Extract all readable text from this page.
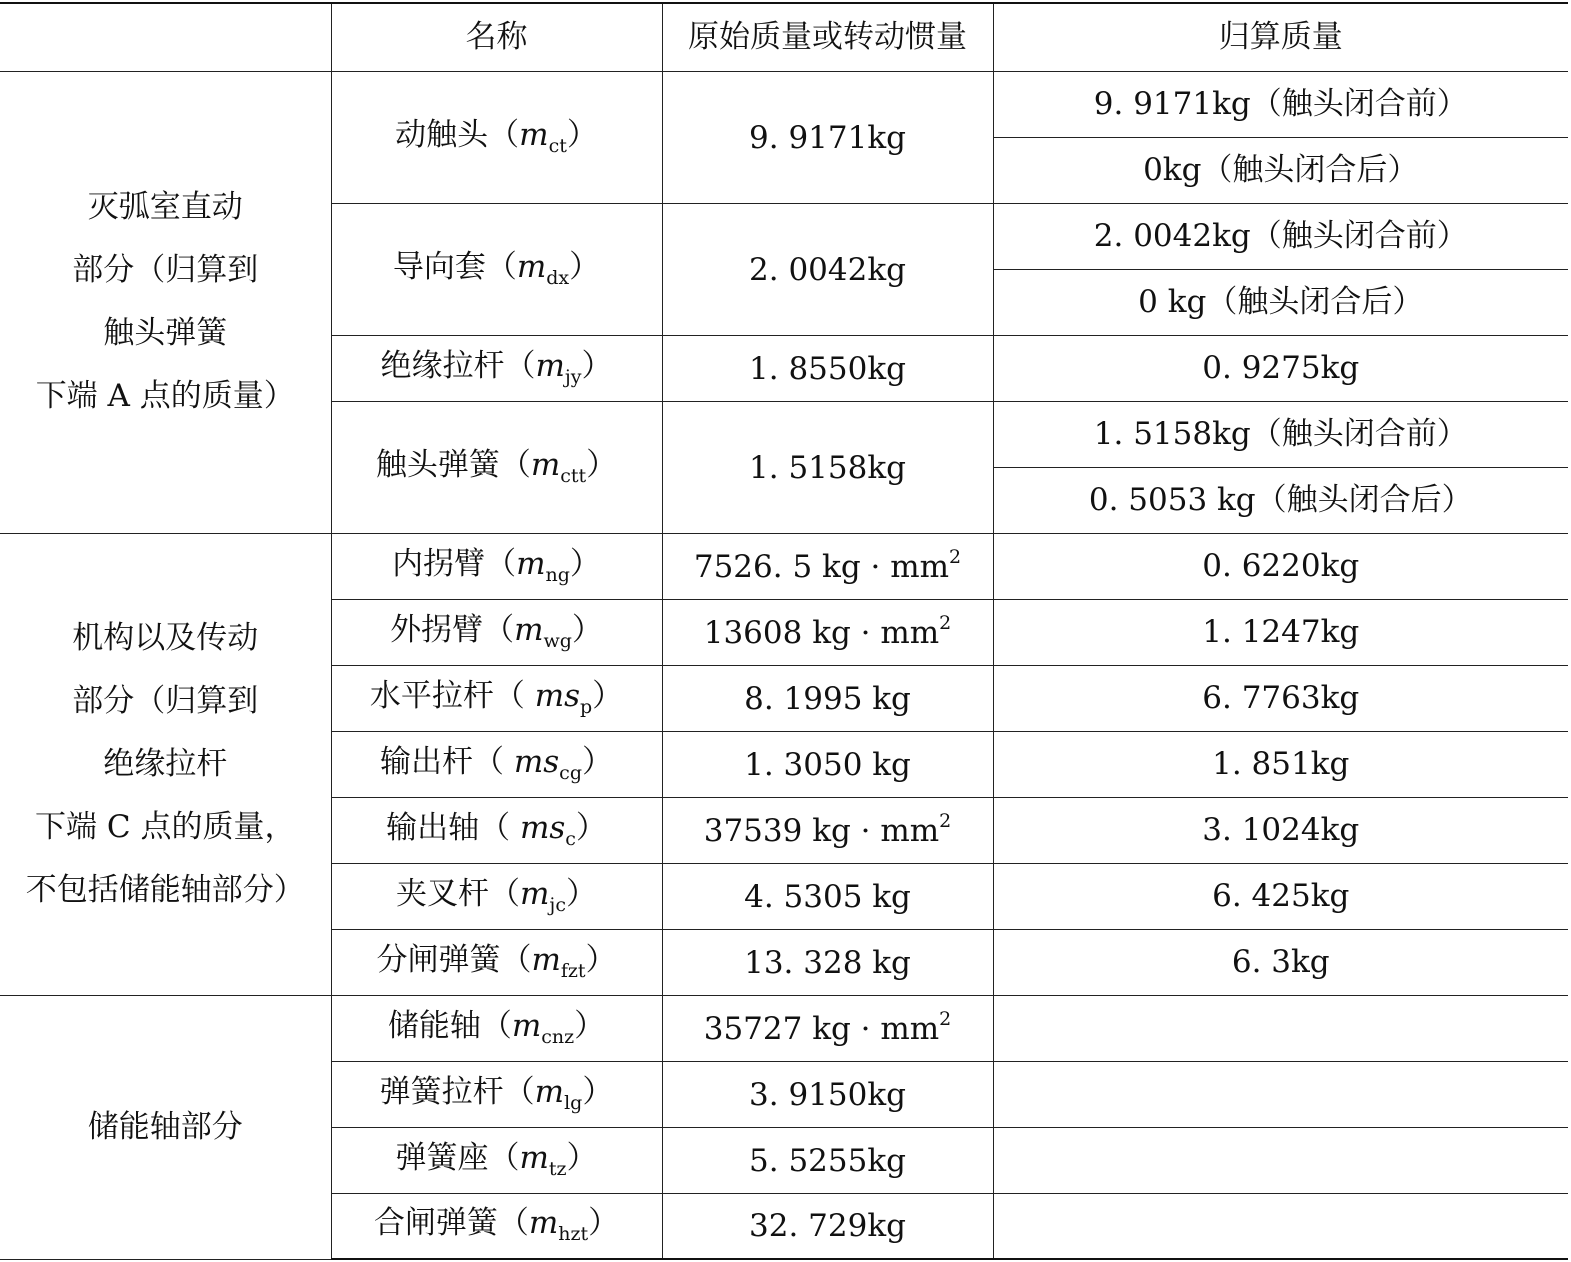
	名称	原始质量或转动惯量	归算质量

灭弧室直动
部分（归算到
触头弹簧
下端 A 点的质量）	动触头$(m_{ct})$	9. 9171kg	9. 9171kg（触头闭合前）
			0kg（触头闭合后）
	导向套$(m_{dx})$	2. 0042kg	2. 0042kg（触头闭合前）
			0 kg（触头闭合后）
	绝缘拉杆$(m_{jy})$	1. 8550kg	0. 9275kg
	触头弹簧$(m_{ctt})$	1. 5158kg	1. 5158kg（触头闭合前）
			0. 5053 kg（触头闭合后）

机构以及传动
部分（归算到
绝缘拉杆
下端 C 点的质量，
不包括储能轴部分）	内拐臂$(m_{ng})$	7526. 5 kg · $mm^2$	0. 6220kg
	外拐臂$(m_{wg})$	13608 kg · $mm^2$	1. 1247kg
	水平拉杆（ $ms_p$）	8. 1995 kg	6. 7763kg
	输出杆（ $ms_{cg}$）	1. 3050 kg	1. 851kg
	输出轴（ $ms_c$）	37539 kg · $mm^2$	3. 1024kg
	夹叉杆$(m_{jc})$	4. 5305 kg	6. 425kg
	分闸弹簧$(m_{fzt})$	13. 328 kg	6. 3kg

储能轴部分	储能轴$(m_{cnz})$	35727 kg · $mm^2$	
	弹簧拉杆$(m_{lg})$	3. 9150kg	
	弹簧座$(m_{tz})$	5. 5255kg	
	合闸弹簧$(m_{hzt})$	32. 729kg	
